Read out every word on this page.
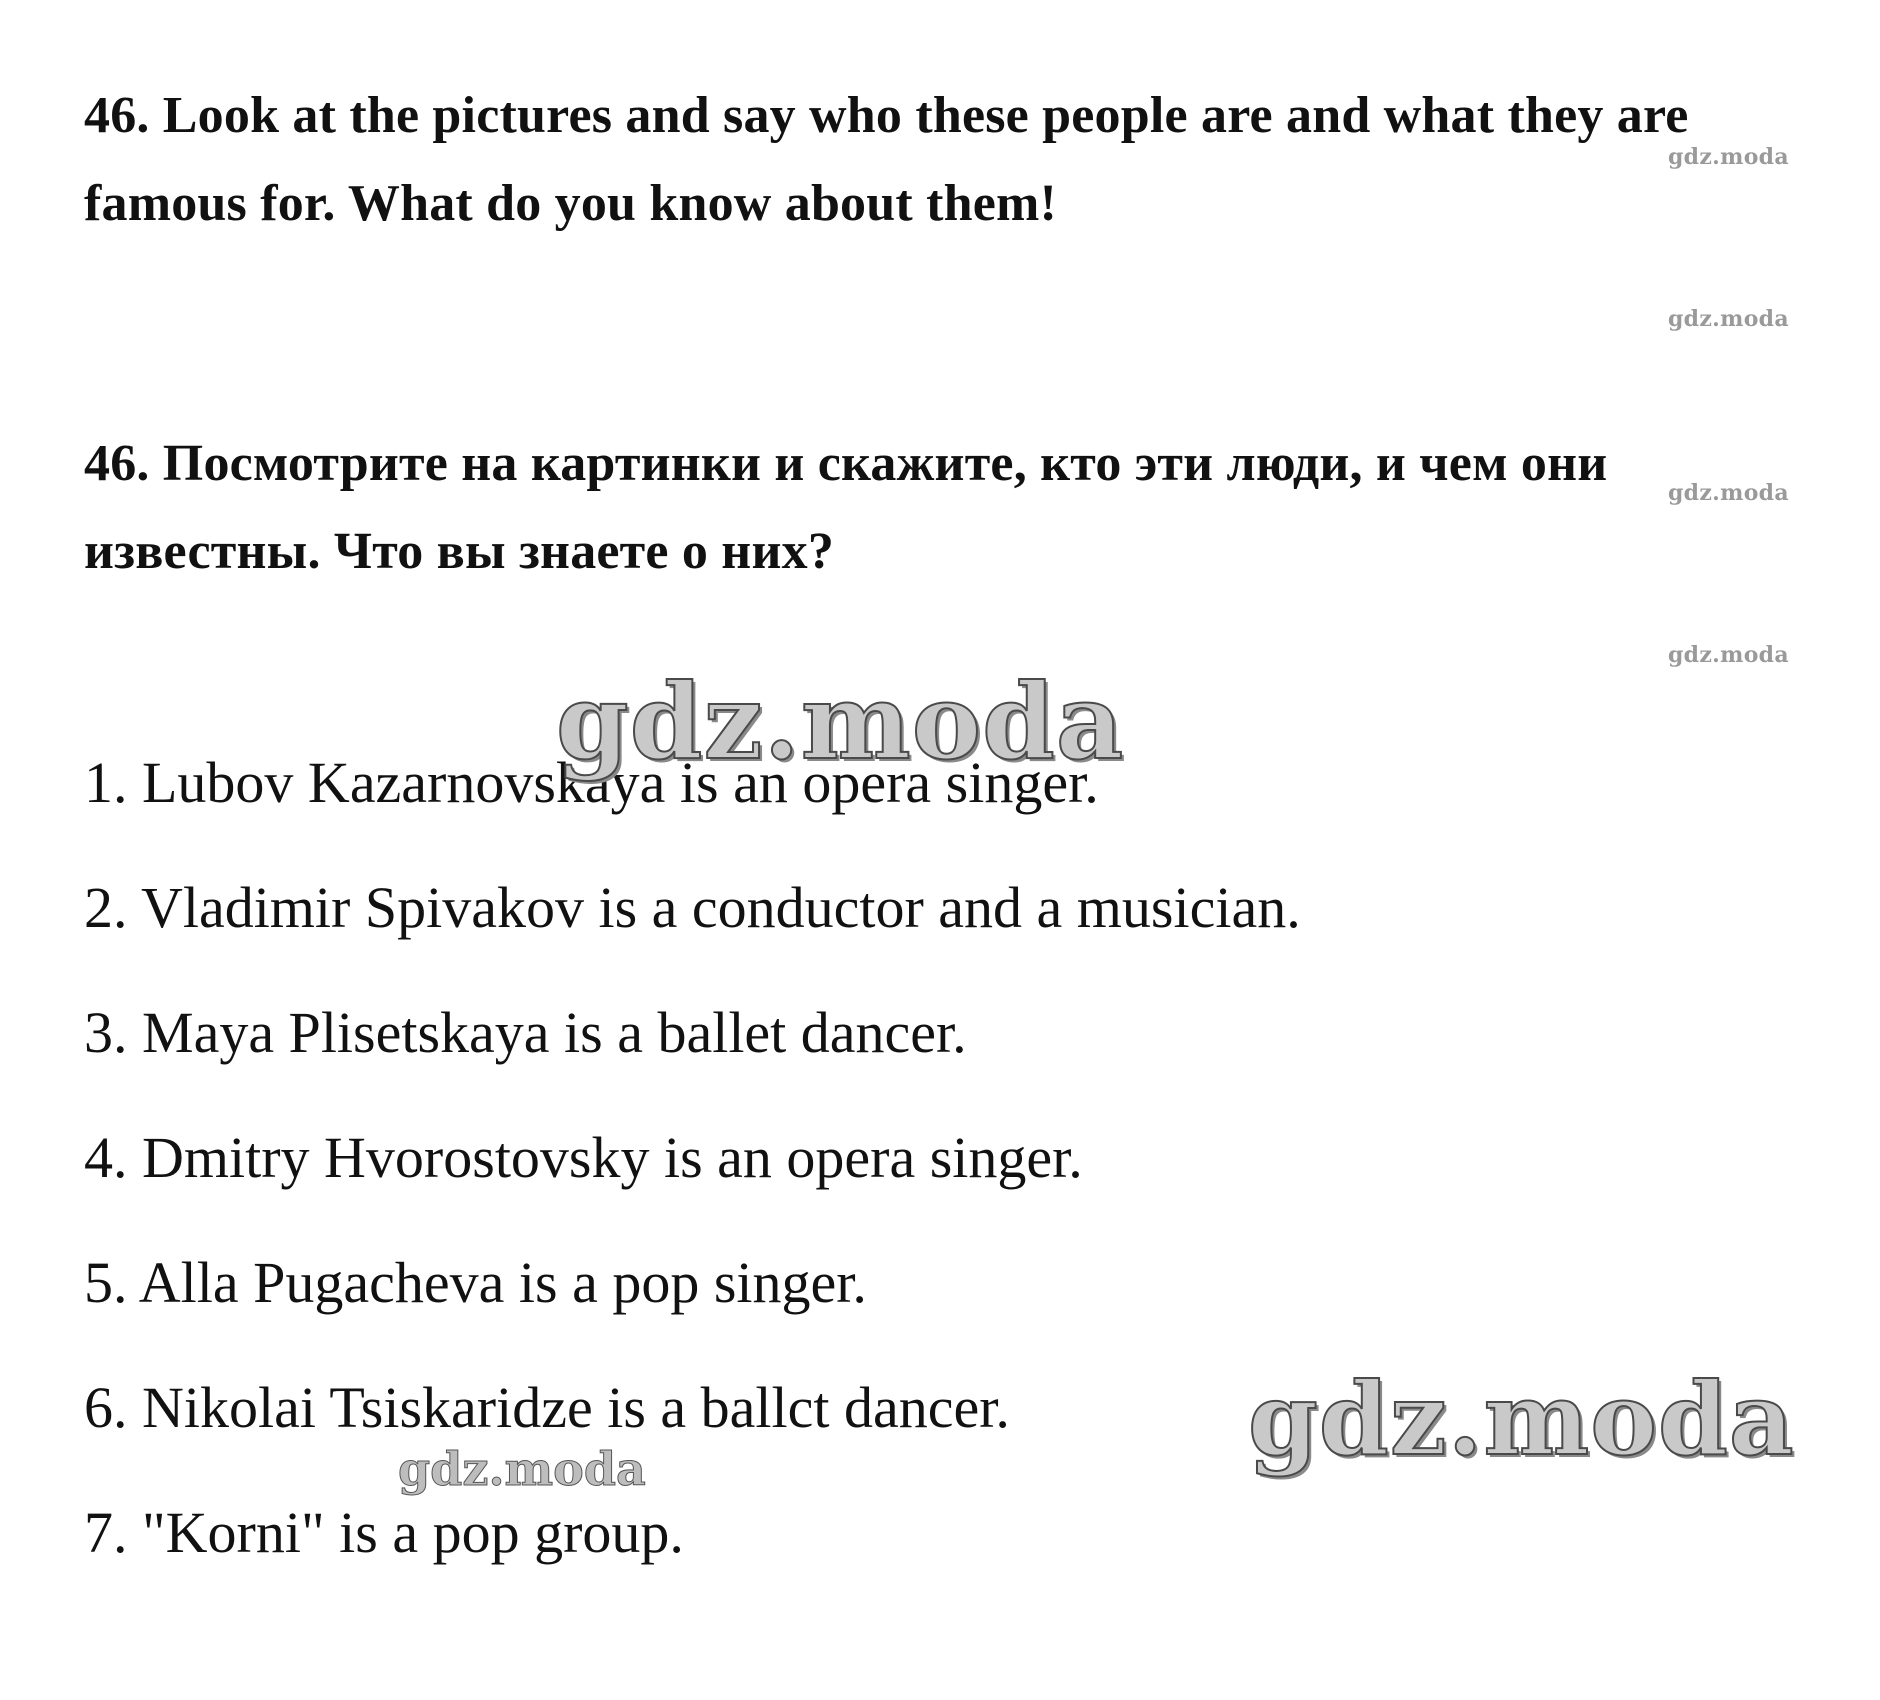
46. Look at the pictures and say who these people are and what they are famous for. What do you know about them!

46. Посмотрите на картинки и скажите, кто эти люди, и чем они известны. Что вы знаете о них?

1. Lubov Kazarnovskaya is an opera singer.
2. Vladimir Spivakov is a conductor and a musician.
3. Maya Plisetskaya is a ballet dancer.
4. Dmitry Hvorostovsky is an opera singer.
5. Alla Pugacheva is a pop singer.
6. Nikolai Tsiskaridze is a ballct dancer.
7. "Korni" is a pop group.
gdz.moda
gdz.moda
gdz.moda
gdz.moda
gdz.moda
gdz.moda
gdz.moda
